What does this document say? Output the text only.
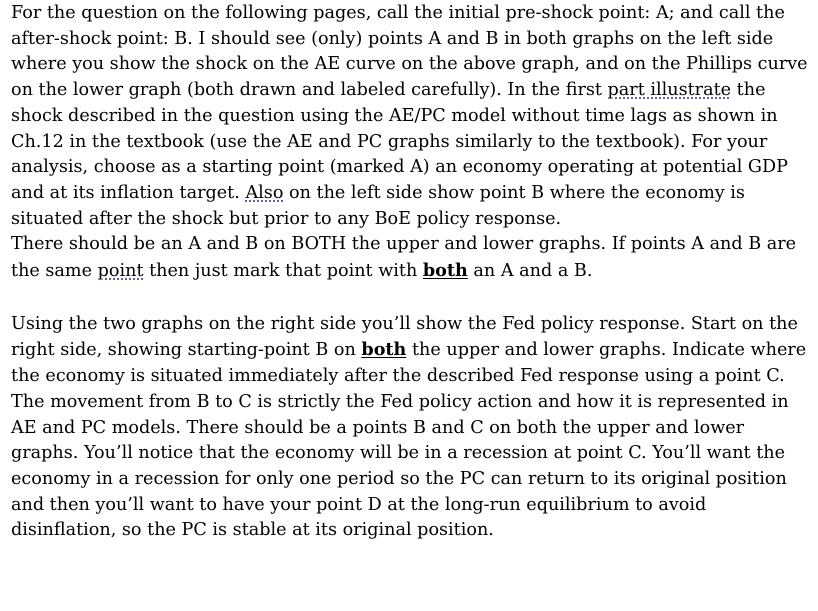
For the question on the following pages, call the initial pre-shock point: A; and call the after-shock point: B. I should see (only) points A and B in both graphs on the left side where you show the shock on the AE curve on the above graph, and on the Phillips curve on the lower graph (both drawn and labeled carefully). In the first part illustrate the shock described in the question using the AE/PC model without time lags as shown in Ch.12 in the textbook (use the AE and PC graphs similarly to the textbook). For your analysis, choose as a starting point (marked A) an economy operating at potential GDP and at its inflation target. Also on the left side show point B where the economy is situated after the shock but prior to any BoE policy response.

There should be an A and B on BOTH the upper and lower graphs. If points A and B are the same point then just mark that point with both an A and a B.

Using the two graphs on the right side you’ll show the Fed policy response. Start on the right side, showing starting-point B on both the upper and lower graphs. Indicate where the economy is situated immediately after the described Fed response using a point C. The movement from B to C is strictly the Fed policy action and how it is represented in AE and PC models. There should be a points B and C on both the upper and lower graphs. You’ll notice that the economy will be in a recession at point C. You’ll want the economy in a recession for only one period so the PC can return to its original position and then you’ll want to have your point D at the long-run equilibrium to avoid disinflation, so the PC is stable at its original position.
